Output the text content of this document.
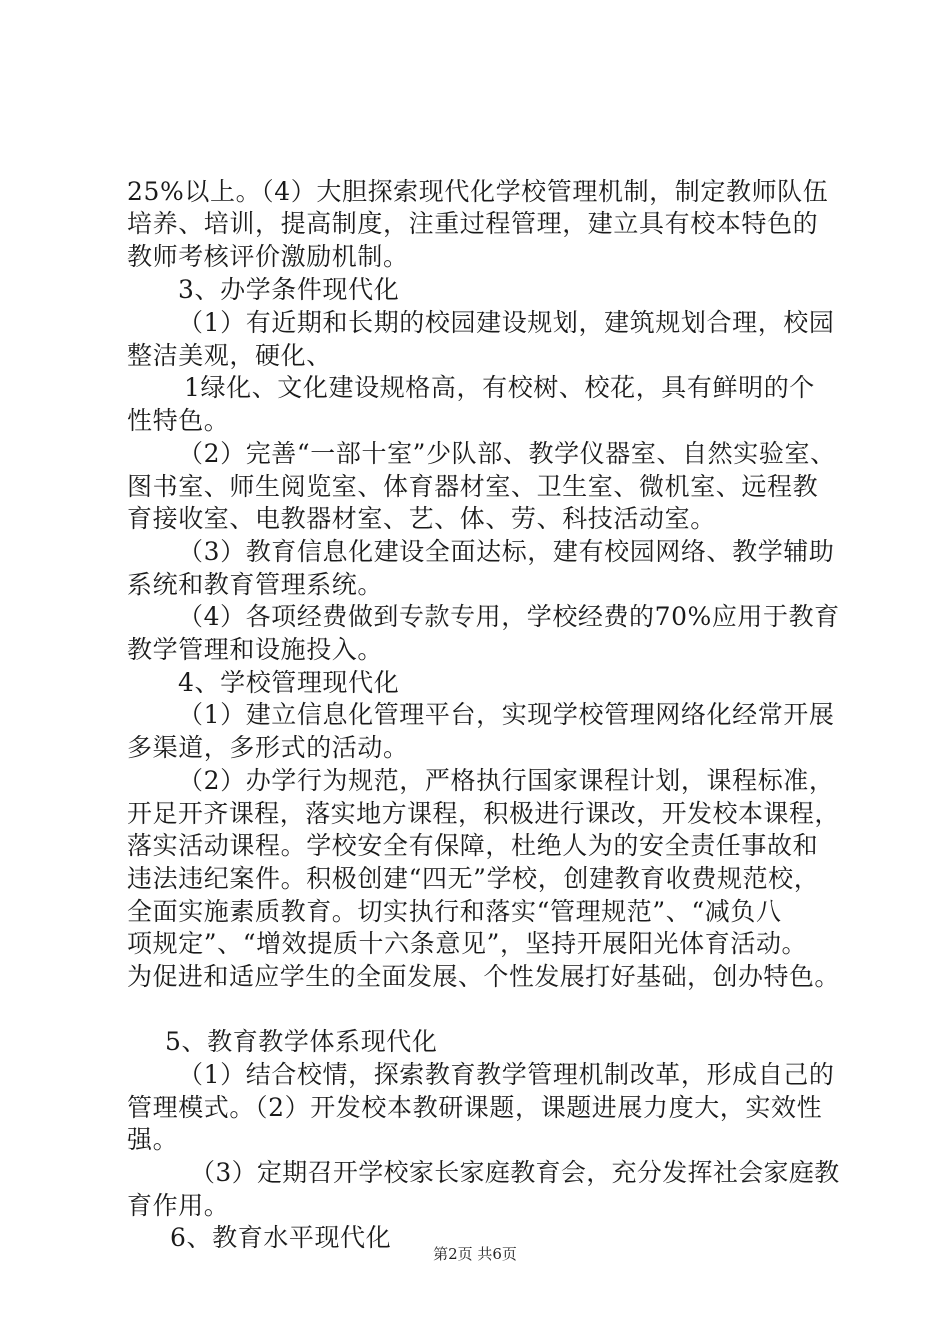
25%以上。（4）大胆探索现代化学校管理机制，制定教师队伍
培养、培训，提高制度，注重过程管理，建立具有校本特色的
教师考核评价激励机制。
3、办学条件现代化
（1）有近期和长期的校园建设规划，建筑规划合理，校园
整洁美观，硬化、
1绿化、文化建设规格高，有校树、校花，具有鲜明的个
性特色。
（2）完善“一部十室”少队部、教学仪器室、自然实验室、
图书室、师生阅览室、体育器材室、卫生室、微机室、远程教
育接收室、电教器材室、艺、体、劳、科技活动室。
（3）教育信息化建设全面达标，建有校园网络、教学辅助
系统和教育管理系统。
（4）各项经费做到专款专用，学校经费的70%应用于教育
教学管理和设施投入。
4、学校管理现代化
（1）建立信息化管理平台，实现学校管理网络化经常开展
多渠道，多形式的活动。
（2）办学行为规范，严格执行国家课程计划，课程标准，
开足开齐课程，落实地方课程，积极进行课改，开发校本课程，
落实活动课程。学校安全有保障，杜绝人为的安全责任事故和
违法违纪案件。积极创建“四无”学校，创建教育收费规范校，
全面实施素质教育。切实执行和落实“管理规范”、“减负八
项规定”、“增效提质十六条意见”，坚持开展阳光体育活动。
为促进和适应学生的全面发展、个性发展打好基础，创办特色。
5、教育教学体系现代化
（1）结合校情，探索教育教学管理机制改革，形成自己的
管理模式。（2）开发校本教研课题，课题进展力度大，实效性
强。
（3）定期召开学校家长家庭教育会，充分发挥社会家庭教
育作用。
6、教育水平现代化
第2页 共6页
